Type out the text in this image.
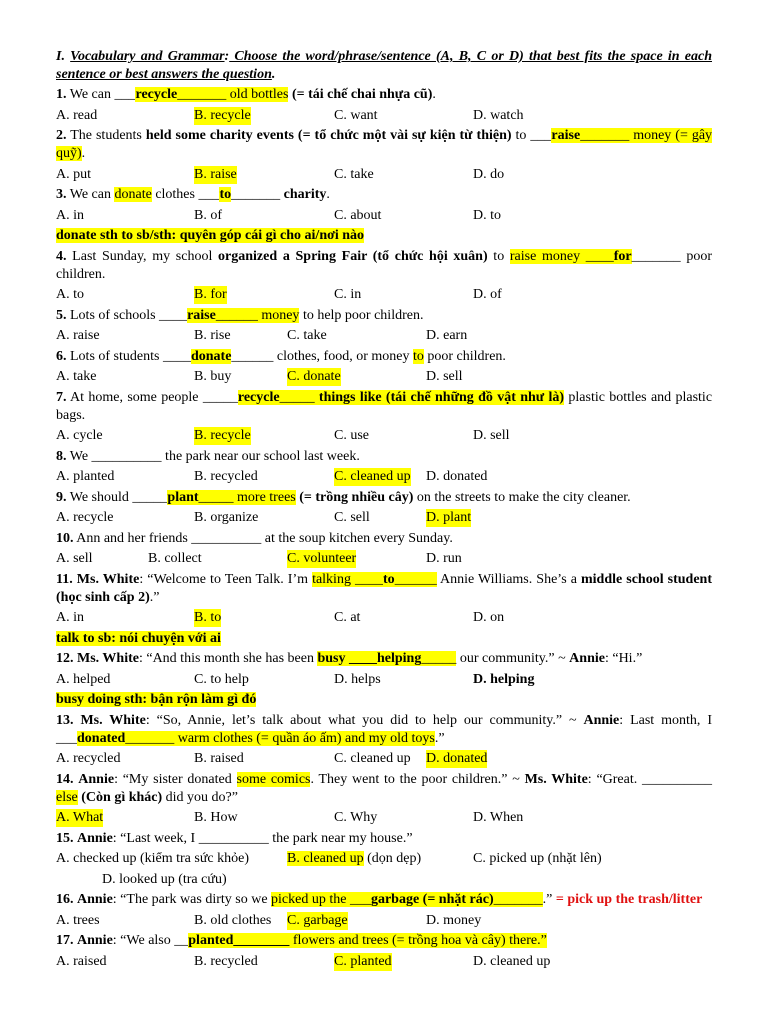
I. Vocabulary and Grammar: Choose the word/phrase/sentence (A, B, C or D) that best fits the space in each sentence or best answers the question.
1. We can ___recycle_______ old bottles (= tái chế chai nhựa cũ).
A. read	B. recycle	C. want	D. watch
2. The students held some charity events (= tổ chức một vài sự kiện từ thiện) to ___raise_______ money (= gây quỹ).
A. put	B. raise	C. take	D. do
3. We can donate clothes ___to_______ charity.
A. in	B. of	C. about	D. to
donate sth to sb/sth: quyên góp cái gì cho ai/nơi nào
4. Last Sunday, my school organized a Spring Fair (tổ chức hội xuân) to raise money ____for_______ poor children.
A. to	B. for	C. in	D. of
5. Lots of schools ____raise______ money to help poor children.
A. raise	B. rise	C. take	D. earn
6. Lots of students ____donate______ clothes, food, or money to poor children.
A. take	B. buy	C. donate	D. sell
7. At home, some people _____recycle_____ things like (tái chế những đồ vật như là) plastic bottles and plastic bags.
A. cycle	B. recycle	C. use	D. sell
8. We __________ the park near our school last week.
A. planted	B. recycled	C. cleaned up D. donated
9. We should _____plant_____ more trees (= trồng nhiều cây) on the streets to make the city cleaner.
A. recycle	B. organize	C. sell	D. plant
10. Ann and her friends __________ at the soup kitchen every Sunday.
A. sell	B. collect	C. volunteer	D. run
11. Ms. White: “Welcome to Teen Talk. I’m talking ____to______ Annie Williams. She’s a middle school student (học sinh cấp 2).”
A. in	B. to	C. at	D. on
talk to sb: nói chuyện với ai
12. Ms. White: “And this month she has been busy ____helping_____ our community.” ~ Annie: “Hi.”
A. helped	C. to help	D. helps	D. helping
busy doing sth: bận rộn làm gì đó
13. Ms. White: “So, Annie, let’s talk about what you did to help our community.” ~ Annie: Last month, I ___donated_______ warm clothes (= quần áo ấm) and my old toys.”
A. recycled	B. raised	C. cleaned up D. donated
14. Annie: “My sister donated some comics. They went to the poor children.” ~ Ms. White: “Great. __________ else (Còn gì khác) did you do?”
A. What	B. How	C. Why	D. When
15. Annie: “Last week, I __________ the park near my house.”
A. checked up (kiểm tra sức khỏe)	B. cleaned up (dọn dẹp)	C. picked up (nhặt lên)
D. looked up (tra cứu)
16. Annie: “The park was dirty so we picked up the ___garbage (= nhặt rác)_______.” = pick up the trash/litter
A. trees	B. old clothes C. garbage	D. money
17. Annie: “We also __planted________ flowers and trees (= trồng hoa và cây) there.”
A. raised	B. recycled	C. planted	D. cleaned up
